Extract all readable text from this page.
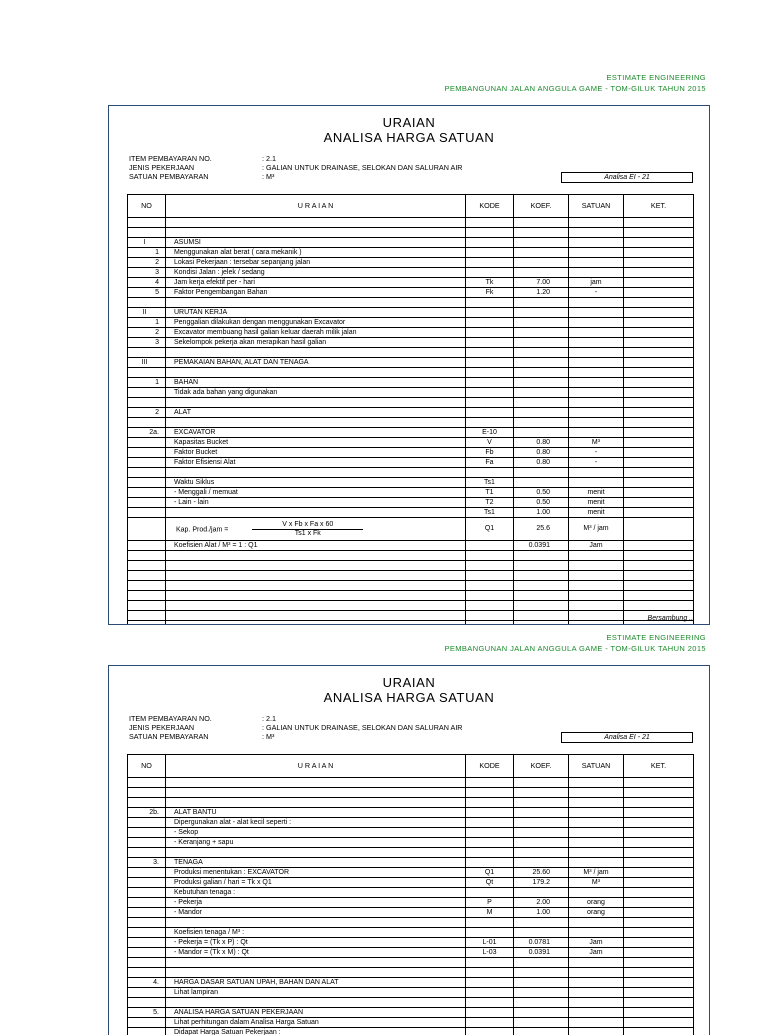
ESTIMATE ENGINEERING
PEMBANGUNAN JALAN ANGGULA GAME - TOM-GILUK TAHUN 2015
URAIAN
ANALISA HARGA SATUAN
ITEM PEMBAYARAN NO.	: 2.1
JENIS PEKERJAAN	: GALIAN UNTUK DRAINASE, SELOKAN DAN SALURAN AIR
SATUAN PEMBAYARAN	: M³	Analisa EI - 21
NO	U R A I A N	KODE	KOEF.	SATUAN	KET.

I	ASUMSI				
1	Menggunakan alat berat ( cara mekanik )				
2	Lokasi Pekerjaan : tersebar sepanjang jalan				
3	Kondisi Jalan : jelek / sedang				
4	Jam kerja efektif per - hari	Tk	7.00	jam	
5	Faktor Pengembangan Bahan	Fk	1.20	-	

II	URUTAN KERJA				
1	Penggalian dilakukan dengan menggunakan Excavator				
2	Excavator membuang hasil galian keluar daerah milik jalan				
3	Sekelompok pekerja akan merapikan hasil galian				

III	PEMAKAIAN BAHAN, ALAT DAN TENAGA				

1	BAHAN				
	Tidak ada bahan yang digunakan				

2	ALAT				

2a.	EXCAVATOR	E-10			
	Kapasitas Bucket	V	0.80	M³	
	Faktor Bucket	Fb	0.80	-	
	Faktor Efisiensi Alat	Fa	0.80	-	

	Waktu Siklus	Ts1			
	- Menggali / memuat	T1	0.50	menit	
	- Lain - lain	T2	0.50	menit	
		Ts1	1.00	menit	
	Kap. Prod./jam = $\frac{\text{V x Fb x Fa x 60}}{\text{Ts1 x Fk}}$	Q1	25.6	M³ / jam	
	Koefisien Alat / M³ = 1 : Q1		0.0391	Jam	

Bersambung ...
ESTIMATE ENGINEERING
PEMBANGUNAN JALAN ANGGULA GAME - TOM-GILUK TAHUN 2015
URAIAN
ANALISA HARGA SATUAN
ITEM PEMBAYARAN NO.	: 2.1
JENIS PEKERJAAN	: GALIAN UNTUK DRAINASE, SELOKAN DAN SALURAN AIR
SATUAN PEMBAYARAN	: M³	Analisa EI - 21
NO	U R A I A N	KODE	KOEF.	SATUAN	KET.

2b.	ALAT BANTU				
	Dipergunakan alat - alat kecil seperti :				
	- Sekop				
	- Keranjang + sapu				

3.	TENAGA				
	Produksi menentukan : EXCAVATOR	Q1	25.60	M³ / jam	
	Produksi galian / hari = Tk x Q1	Qt	179.2	M³	
	Kebutuhan tenaga :				
	- Pekerja	P	2.00	orang	
	- Mandor	M	1.00	orang	

	Koefisien tenaga / M³ :				
	- Pekerja = (Tk x P) : Qt	L-01	0.0781	Jam	
	- Mandor = (Tk x M) : Qt	L-03	0.0391	Jam	

4.	HARGA DASAR SATUAN UPAH, BAHAN DAN ALAT				
	Lihat lampiran				

5.	ANALISA HARGA SATUAN PEKERJAAN				
	Lihat perhitungan dalam Analisa Harga Satuan				
	Didapat Harga Satuan Pekerjaan :				
